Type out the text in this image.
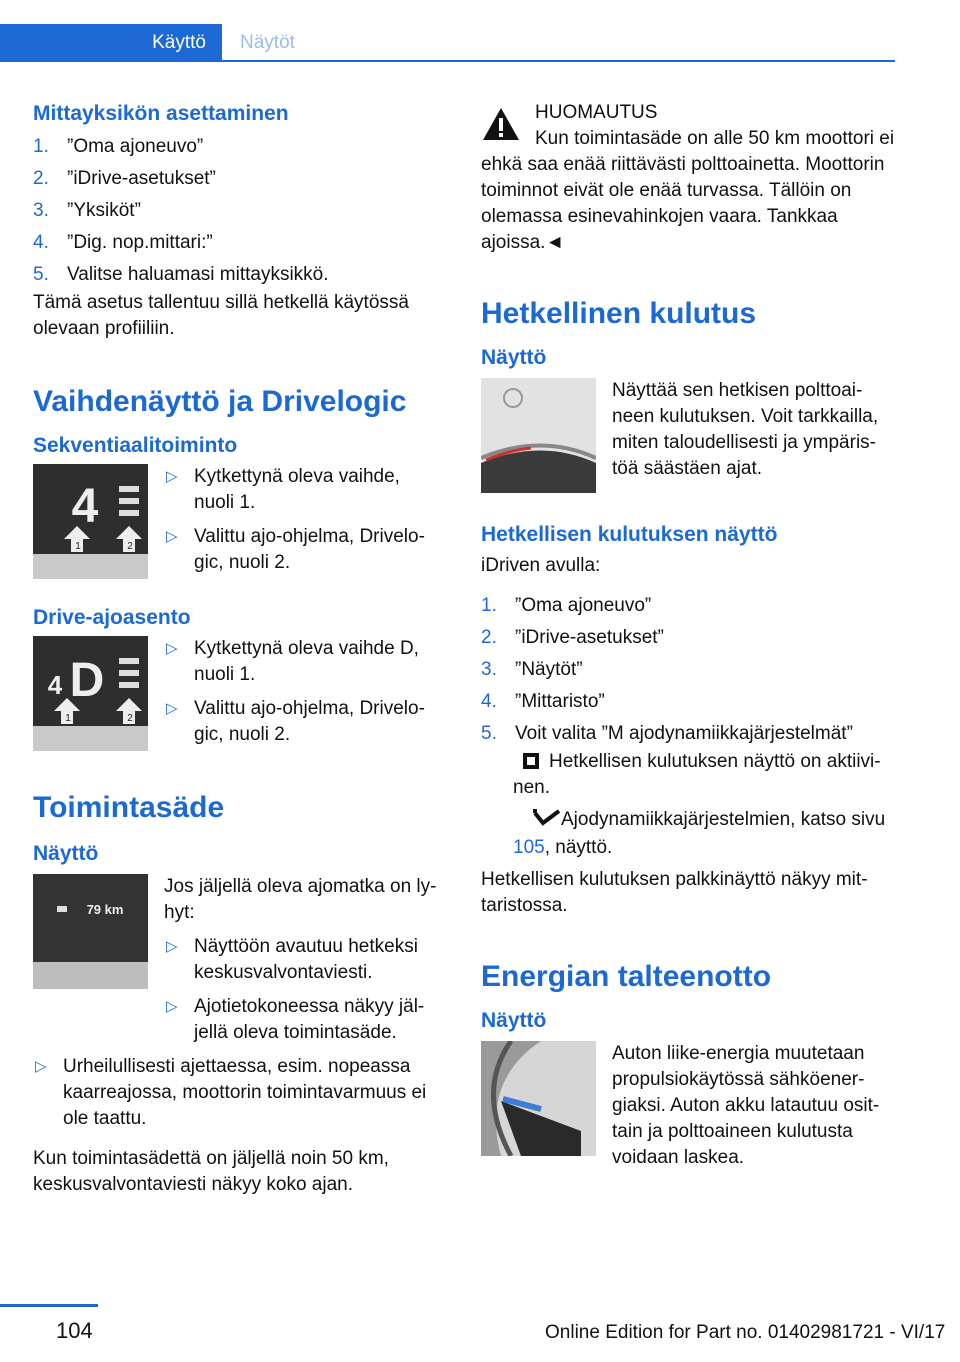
Käyttö	Näytöt
Mittayksikön asettaminen
1. ”Oma ajoneuvo”
2. ”iDrive-asetukset”
3. ”Yksiköt”
4. ”Dig. nop.mittari:”
5. Valitse haluamasi mittayksikkö.

Tämä asetus tallentuu sillä hetkellä käytössä olevaan profiiliin.

Vaihdenäyttö ja Drivelogic
Sekventiaalitoiminto
4
1	2
▷ Kytkettynä oleva vaihde, nuoli 1.
▷ Valittu ajo-ohjelma, Drivelogic, nuoli 2.
Drive-ajoasento
4 D
1	2
▷ Kytkettynä oleva vaihde D, nuoli 1.
▷ Valittu ajo-ohjelma, Drivelogic, nuoli 2.
Toimintasäde
Näyttö
79 km

Jos jäljellä oleva ajomatka on lyhyt:

▷ Näyttöön avautuu hetkeksi keskusvalvontaviesti.
▷ Ajotietokoneessa näkyy jäljellä oleva toimintasäde.
▷ Urheilullisesti ajettaessa, esim. nopeassa kaarreajossa, moottorin toimintavarmuus ei ole taattu.

Kun toimintasädettä on jäljellä noin 50 km, keskusvalvontaviesti näkyy koko ajan.

HUOMAUTUS

Kun toimintasäde on alle 50 km moottori ei ehkä saa enää riittävästi polttoainetta. Moottorin toiminnot eivät ole enää turvassa. Tällöin on olemassa esinevahinkojen vaara. Tankkaa ajoissa.◄

Hetkellinen kulutus
Näyttö

Näyttää sen hetkisen polttoaineen kulutuksen. Voit tarkkailla, miten taloudellisesti ja ympäristöä säästäen ajat.

Hetkellisen kulutuksen näyttö

iDriven avulla:

1. ”Oma ajoneuvo”
2. ”iDrive-asetukset”
3. ”Näytöt”
4. ”Mittaristo”
5. Voit valita ”M ajodynamiikkajärjestelmät”

Hetkellisen kulutuksen näyttö on aktiivinen.

Ajodynamiikkajärjestelmien, katso sivu 105, näyttö.

Hetkellisen kulutuksen palkkinäyttö näkyy mittaristossa.

Energian talteenotto
Näyttö

Auton liike-energia muutetaan propulsiokäytössä sähköenergiaksi. Auton akku latautuu osittain ja polttoaineen kulutusta voidaan laskea.

104	Online Edition for Part no. 01402981721 - VI/17
